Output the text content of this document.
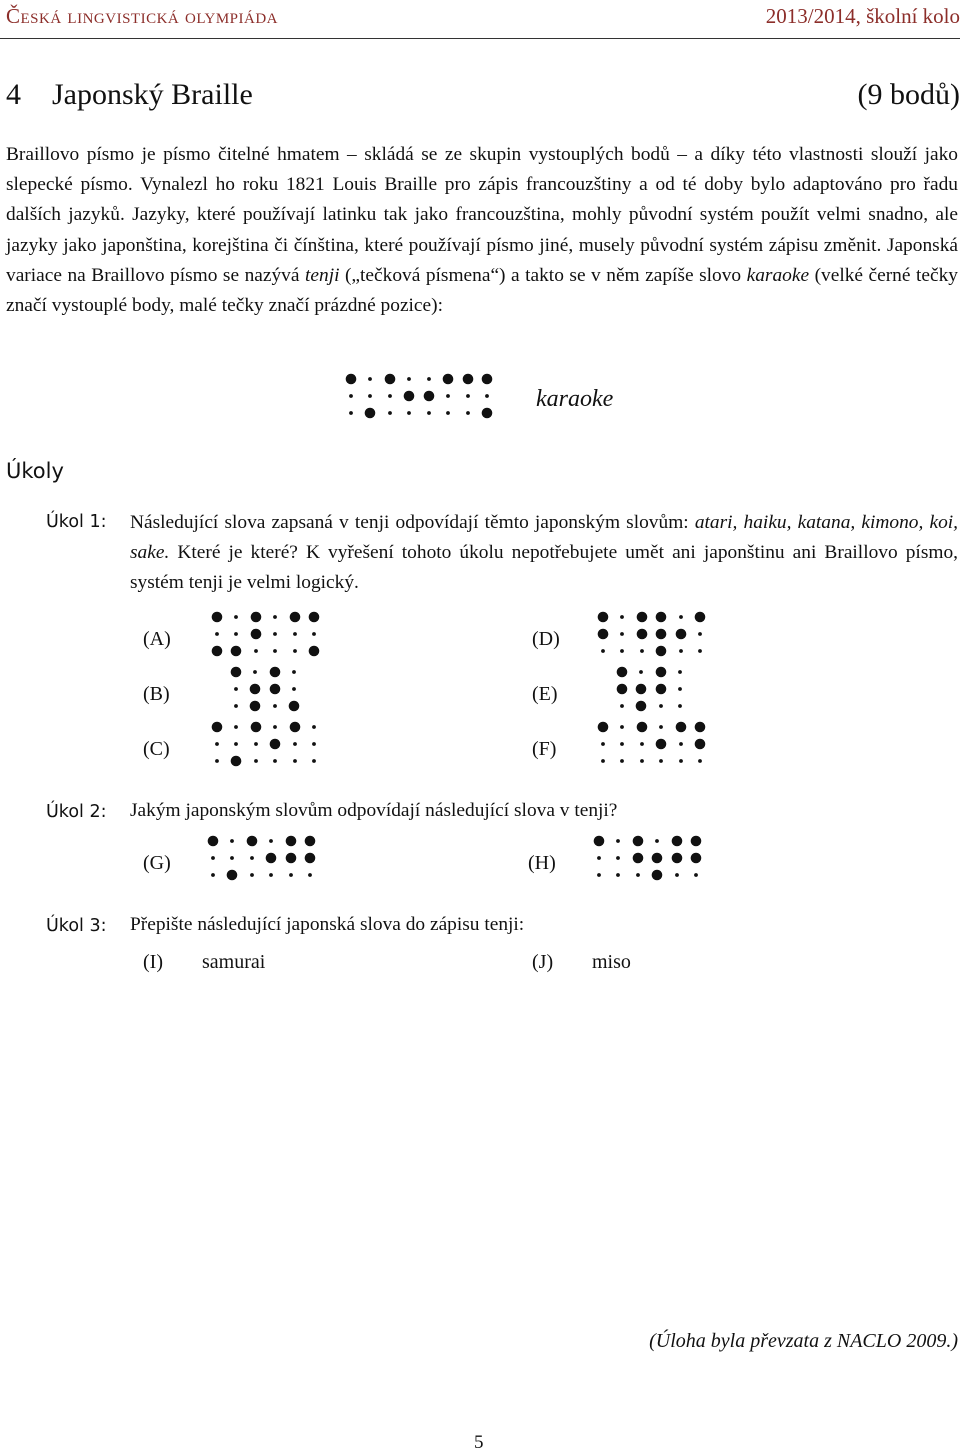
Česká lingvistická olympiáda	2013/2014, školní kolo
4 Japonský Braille	(9 bodů)
Braillovo písmo je písmo čitelné hmatem – skládá se ze skupin vystouplých bodů – a díky této vlastnosti slouží jako slepecké písmo. Vynalezl ho roku 1821 Louis Braille pro zápis francouzštiny a od té doby bylo adaptováno pro řadu dalších jazyků. Jazyky, které používají latinku tak jako francouzština, mohly původní systém použít velmi snadno, ale jazyky jako japonština, korejština či čínština, které používají písmo jiné, musely původní systém zápisu změnit. Japonská variace na Braillovo písmo se nazývá tenji („tečková písmena“) a takto se v něm zapíše slovo karaoke (velké černé tečky značí vystouplé body, malé tečky značí prázdné pozice):
karaoke
Úkoly
Úkol 1: Následující slova zapsaná v tenji odpovídají těmto japonským slovům: atari, haiku, katana, kimono, koi, sake. Které je které? K vyřešení tohoto úkolu nepotřebujete umět ani japonštinu ani Braillovo písmo, systém tenji je velmi logický.
(A)
(B)
(C)
(D)
(E)
(F)
Úkol 2: Jakým japonským slovům odpovídají následující slova v tenji?
(G)	(H)
Úkol 3: Přepište následující japonská slova do zápisu tenji:
(I) samurai	(J) miso
(Úloha byla převzata z NACLO 2009.)
5
